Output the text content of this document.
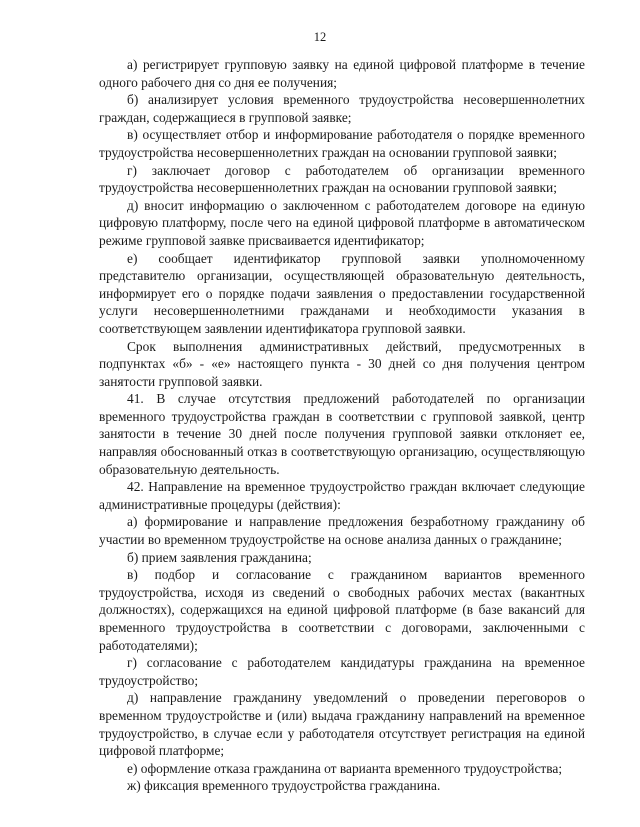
12

а) регистрирует групповую заявку на единой цифровой платформе в течение одного рабочего дня со дня ее получения;

б) анализирует условия временного трудоустройства несовершеннолетних граждан, содержащиеся в групповой заявке;

в) осуществляет отбор и информирование работодателя о порядке временного трудоустройства несовершеннолетних граждан на основании групповой заявки;

г) заключает договор с работодателем об организации временного трудоустройства несовершеннолетних граждан на основании групповой заявки;

д) вносит информацию о заключенном с работодателем договоре на единую цифровую платформу, после чего на единой цифровой платформе в автоматическом режиме групповой заявке присваивается идентификатор;

е) сообщает идентификатор групповой заявки уполномоченному представителю организации, осуществляющей образовательную деятельность, информирует его о порядке подачи заявления о предоставлении государственной услуги несовершеннолетними гражданами и необходимости указания в соответствующем заявлении идентификатора групповой заявки.

Срок выполнения административных действий, предусмотренных в подпунктах «б» - «е» настоящего пункта - 30 дней со дня получения центром занятости групповой заявки.

41. В случае отсутствия предложений работодателей по организации временного трудоустройства граждан в соответствии с групповой заявкой, центр занятости в течение 30 дней после получения групповой заявки отклоняет ее, направляя обоснованный отказ в соответствующую организацию, осуществляющую образовательную деятельность.

42. Направление на временное трудоустройство граждан включает следующие административные процедуры (действия):

а) формирование и направление предложения безработному гражданину об участии во временном трудоустройстве на основе анализа данных о гражданине;

б) прием заявления гражданина;

в) подбор и согласование с гражданином вариантов временного трудоустройства, исходя из сведений о свободных рабочих местах (вакантных должностях), содержащихся на единой цифровой платформе (в базе вакансий для временного трудоустройства в соответствии с договорами, заключенными с работодателями);

г) согласование с работодателем кандидатуры гражданина на временное трудоустройство;

д) направление гражданину уведомлений о проведении переговоров о временном трудоустройстве и (или) выдача гражданину направлений на временное трудоустройство, в случае если у работодателя отсутствует регистрация на единой цифровой платформе;

е) оформление отказа гражданина от варианта временного трудоустройства;

ж) фиксация временного трудоустройства гражданина.
